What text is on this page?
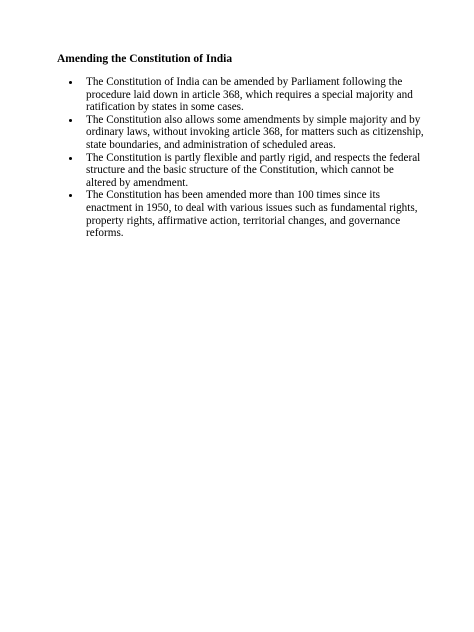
Amending the Constitution of India
The Constitution of India can be amended by Parliament following the procedure laid down in article 368, which requires a special majority and ratification by states in some cases.
The Constitution also allows some amendments by simple majority and by ordinary laws, without invoking article 368, for matters such as citizenship, state boundaries, and administration of scheduled areas.
The Constitution is partly flexible and partly rigid, and respects the federal structure and the basic structure of the Constitution, which cannot be altered by amendment.
The Constitution has been amended more than 100 times since its enactment in 1950, to deal with various issues such as fundamental rights, property rights, affirmative action, territorial changes, and governance reforms.
